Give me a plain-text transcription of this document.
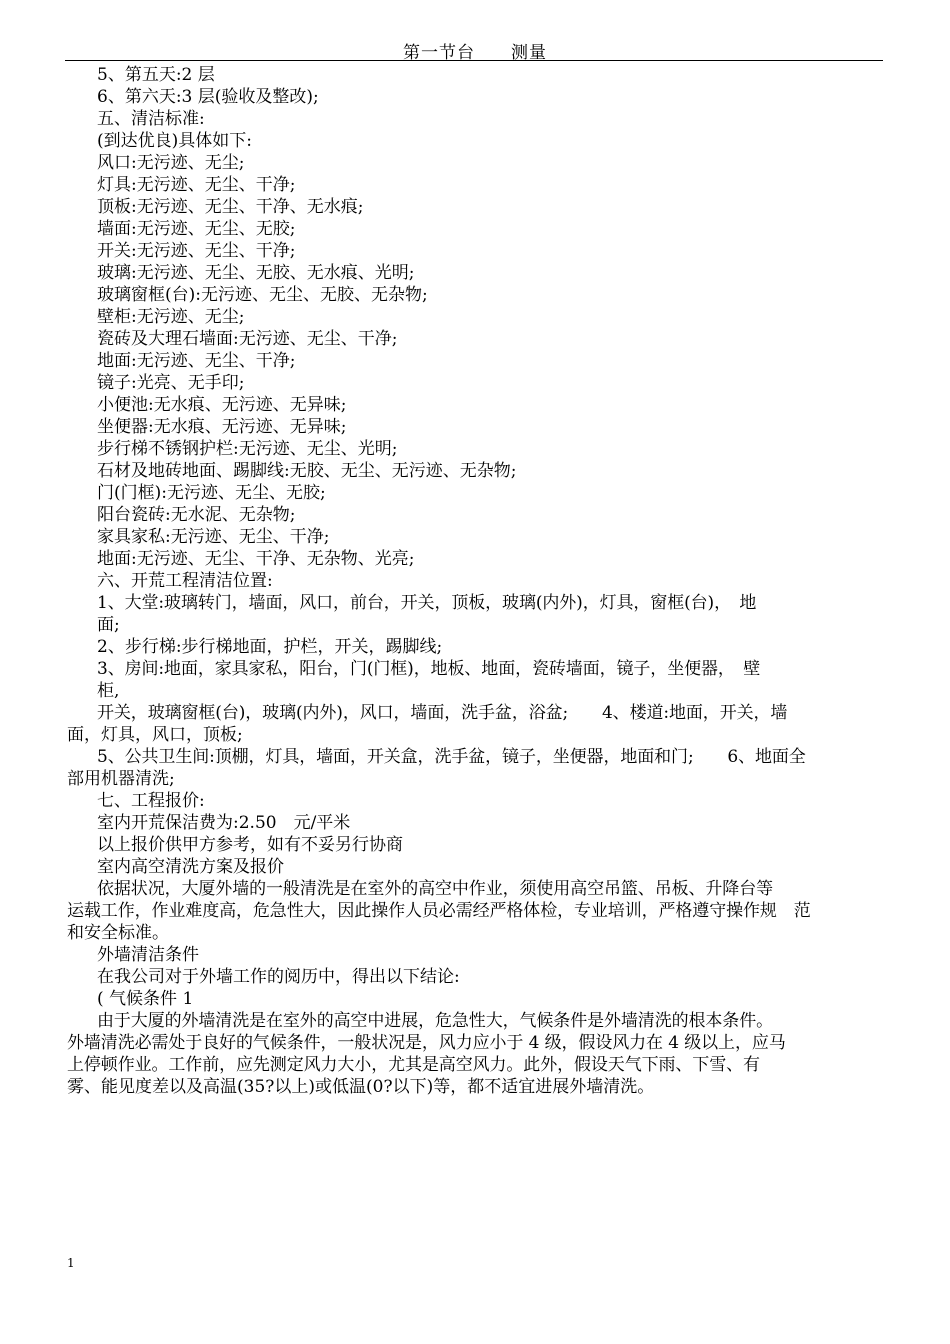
第一节台 测量

5、第五天:2 层

6、第六天:3 层(验收及整改);

五、清洁标准:

(到达优良)具体如下:

风口:无污迹、无尘;

灯具:无污迹、无尘、干净;

顶板:无污迹、无尘、干净、无水痕;

墙面:无污迹、无尘、无胶;

开关:无污迹、无尘、干净;

玻璃:无污迹、无尘、无胶、无水痕、光明;

玻璃窗框(台):无污迹、无尘、无胶、无杂物;

壁柜:无污迹、无尘;

瓷砖及大理石墙面:无污迹、无尘、干净;

地面:无污迹、无尘、干净;

镜子:光亮、无手印;

小便池:无水痕、无污迹、无异味;

坐便器:无水痕、无污迹、无异味;

步行梯不锈钢护栏:无污迹、无尘、光明;

石材及地砖地面、踢脚线:无胶、无尘、无污迹、无杂物;

门(门框):无污迹、无尘、无胶;

阳台瓷砖:无水泥、无杂物;

家具家私:无污迹、无尘、干净;

地面:无污迹、无尘、干净、无杂物、光亮;

六、开荒工程清洁位置:

1、大堂:玻璃转门，墙面，风口，前台，开关，顶板，玻璃(内外)，灯具，窗框(台)，　地

面;

2、步行梯:步行梯地面，护栏，开关，踢脚线;

3、房间:地面，家具家私，阳台，门(门框)，地板、地面，瓷砖墙面，镜子，坐便器，　壁

柜,

开关，玻璃窗框(台)，玻璃(内外)，风口，墙面，洗手盆，浴盆;　　4、楼道:地面，开关，墙

面，灯具，风口，顶板;

5、公共卫生间:顶棚，灯具，墙面，开关盒，洗手盆，镜子，坐便器，地面和门;　　6、地面全

部用机器清洗;

七、工程报价:

室内开荒保洁费为:2.50　元/平米

以上报价供甲方参考，如有不妥另行协商

室内高空清洗方案及报价

依据状况，大厦外墙的一般清洗是在室外的高空中作业，须使用高空吊篮、吊板、升降台等

运载工作，作业难度高，危急性大，因此操作人员必需经严格体检，专业培训，严格遵守操作规　范

和安全标准。

外墙清洁条件

在我公司对于外墙工作的阅历中，得出以下结论:

( 气候条件 1

由于大厦的外墙清洗是在室外的高空中进展，危急性大，气候条件是外墙清洗的根本条件。

外墙清洗必需处于良好的气候条件，一般状况是，风力应小于 4 级，假设风力在 4 级以上，应马

上停顿作业。工作前，应先测定风力大小，尤其是高空风力。此外，假设天气下雨、下雪、有

雾、能见度差以及高温(35?以上)或低温(0?以下)等，都不适宜进展外墙清洗。

1
